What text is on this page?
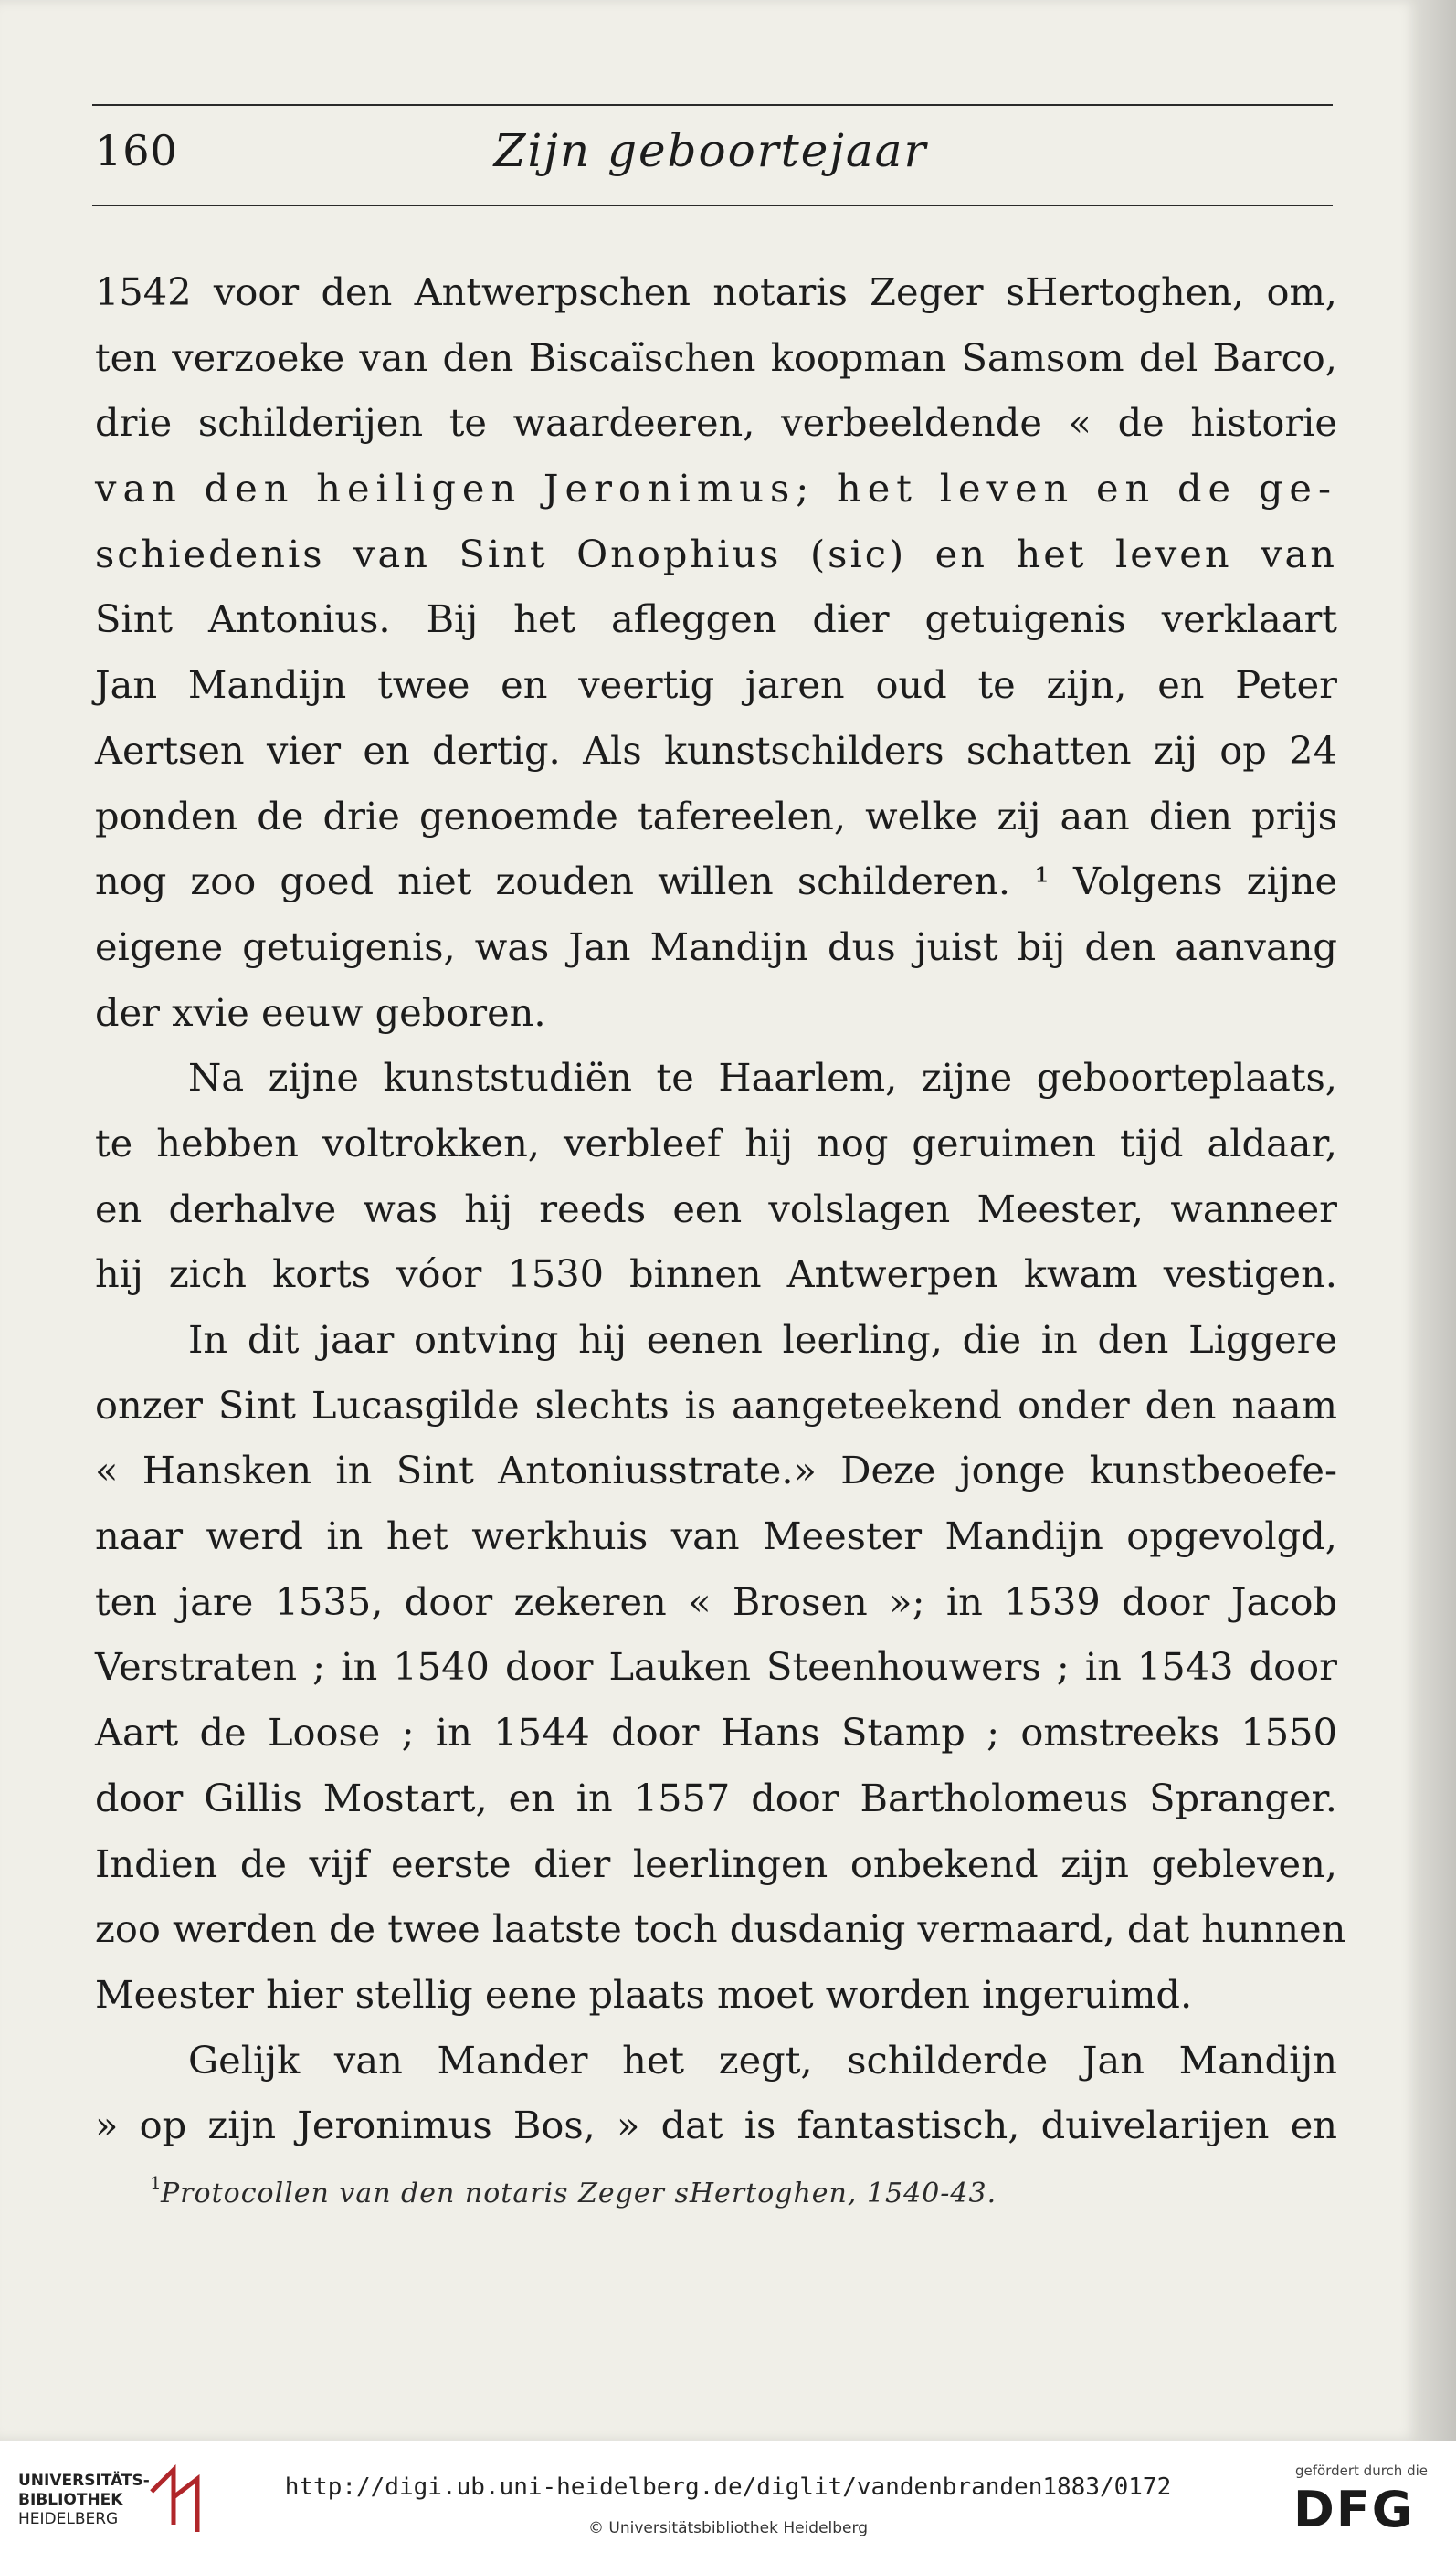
160	Zijn geboortejaar
1542 voor den Antwerpschen notaris Zeger sHertoghen, om,
ten verzoeke van den Biscaïschen koopman Samsom del Barco,
drie schilderijen te waardeeren, verbeeldende « de historie
van den heiligen Jeronimus; het leven en de ge-
schiedenis van Sint Onophius (sic) en het leven van
Sint Antonius. Bij het afleggen dier getuigenis verklaart
Jan Mandijn twee en veertig jaren oud te zijn, en Peter
Aertsen vier en dertig. Als kunstschilders schatten zij op 24
ponden de drie genoemde tafereelen, welke zij aan dien prijs
nog zoo goed niet zouden willen schilderen. ¹ Volgens zijne
eigene getuigenis, was Jan Mandijn dus juist bij den aanvang
der xvie eeuw geboren.
Na zijne kunststudiën te Haarlem, zijne geboorteplaats,
te hebben voltrokken, verbleef hij nog geruimen tijd aldaar,
en derhalve was hij reeds een volslagen Meester, wanneer
hij zich korts vóor 1530 binnen Antwerpen kwam vestigen.
In dit jaar ontving hij eenen leerling, die in den Liggere
onzer Sint Lucasgilde slechts is aangeteekend onder den naam
« Hansken in Sint Antoniusstrate.» Deze jonge kunstbeoefe-
naar werd in het werkhuis van Meester Mandijn opgevolgd,
ten jare 1535, door zekeren « Brosen »; in 1539 door Jacob
Verstraten ; in 1540 door Lauken Steenhouwers ; in 1543 door
Aart de Loose ; in 1544 door Hans Stamp ; omstreeks 1550
door Gillis Mostart, en in 1557 door Bartholomeus Spranger.
Indien de vijf eerste dier leerlingen onbekend zijn gebleven,
zoo werden de twee laatste toch dusdanig vermaard, dat hunnen
Meester hier stellig eene plaats moet worden ingeruimd.
Gelijk van Mander het zegt, schilderde Jan Mandijn
» op zijn Jeronimus Bos, » dat is fantastisch, duivelarijen en
1
Protocollen van den notaris Zeger sHertoghen, 1540-43.
UNIVERSITÄTS-
BIBLIOTHEK
HEIDELBERG
http://digi.ub.uni-heidelberg.de/diglit/vandenbranden1883/0172
© Universitätsbibliothek Heidelberg
gefördert durch die
DFG
